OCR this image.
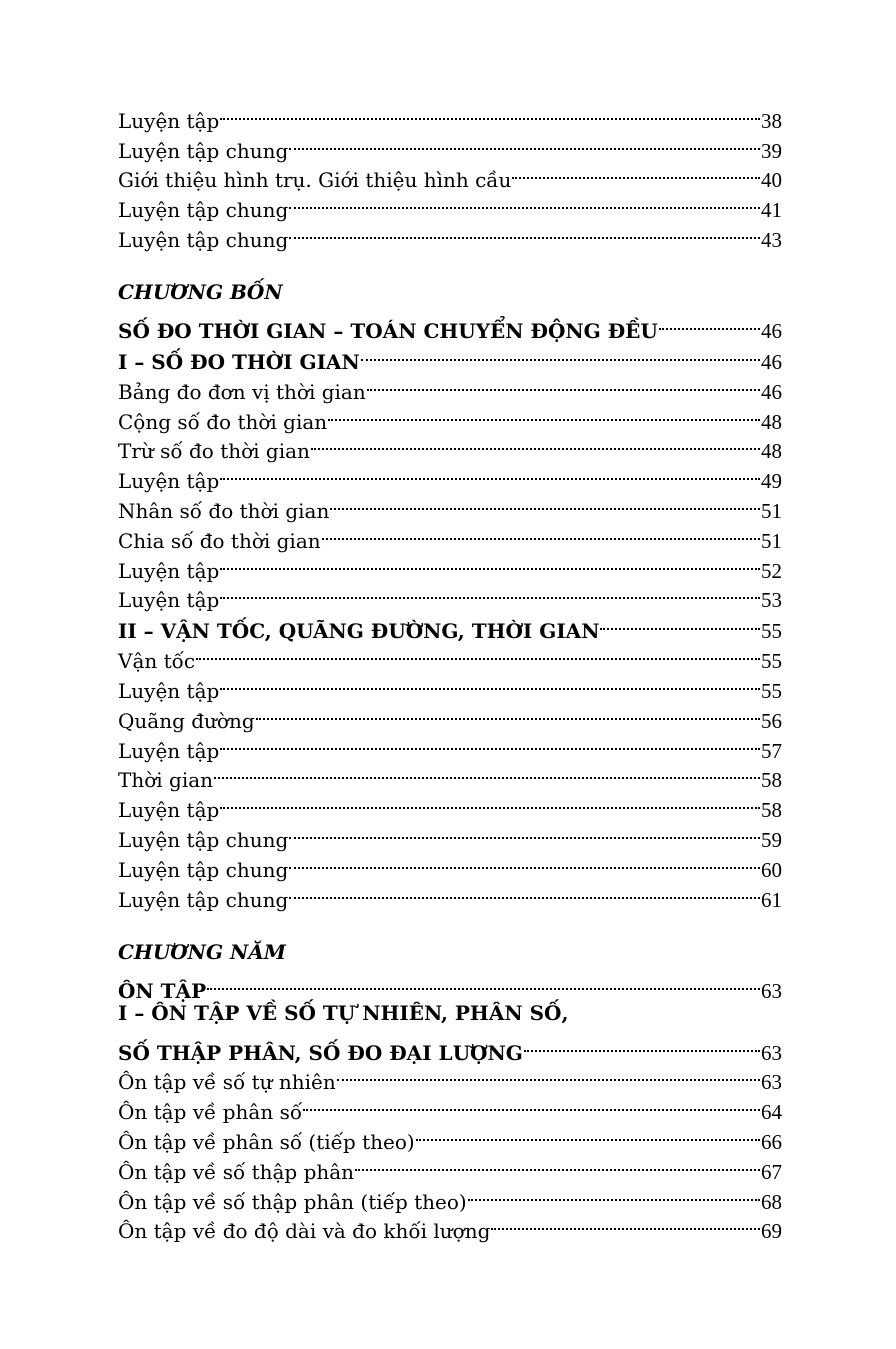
Luyện tập	38
Luyện tập chung	39
Giới thiệu hình trụ. Giới thiệu hình cầu	40
Luyện tập chung	41
Luyện tập chung	43
CHƯƠNG BỐN
SỐ ĐO THỜI GIAN – TOÁN CHUYỂN ĐỘNG ĐỀU	46
I – SỐ ĐO THỜI GIAN	46
Bảng đo đơn vị thời gian	46
Cộng số đo thời gian	48
Trừ số đo thời gian	48
Luyện tập	49
Nhân số đo thời gian	51
Chia số đo thời gian	51
Luyện tập	52
Luyện tập	53
II – VẬN TỐC, QUÃNG ĐƯỜNG, THỜI GIAN	55
Vận tốc	55
Luyện tập	55
Quãng đường	56
Luyện tập	57
Thời gian	58
Luyện tập	58
Luyện tập chung	59
Luyện tập chung	60
Luyện tập chung	61
CHƯƠNG NĂM
ÔN TẬP	63
I – ÔN TẬP VỀ SỐ TỰ NHIÊN, PHÂN SỐ,
SỐ THẬP PHÂN, SỐ ĐO ĐẠI LƯỢNG	63
Ôn tập về số tự nhiên	63
Ôn tập về phân số	64
Ôn tập về phân số (tiếp theo)	66
Ôn tập về số thập phân	67
Ôn tập về số thập phân (tiếp theo)	68
Ôn tập về đo độ dài và đo khối lượng	69
